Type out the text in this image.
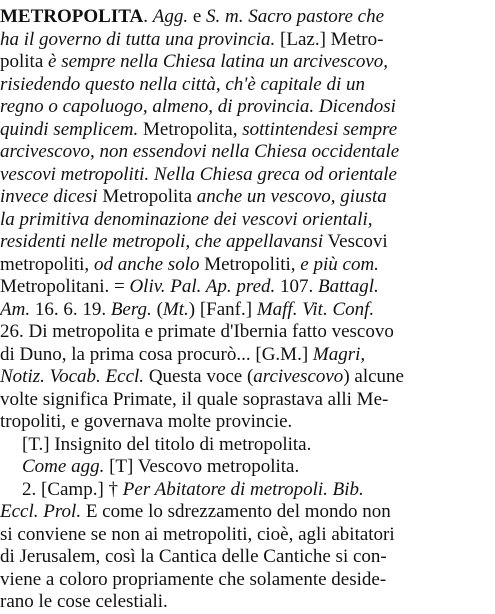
METROPOLITA. Agg. e S. m. Sacro pastore che
ha il governo di tutta una provincia. [Laz.] Metro-
polita è sempre nella Chiesa latina un arcivescovo,
risiedendo questo nella città, ch'è capitale di un
regno o capoluogo, almeno, di provincia. Dicendosi
quindi semplicem. Metropolita, sottintendesi sempre
arcivescovo, non essendovi nella Chiesa occidentale
vescovi metropoliti. Nella Chiesa greca od orientale
invece dicesi Metropolita anche un vescovo, giusta
la primitiva denominazione dei vescovi orientali,
residenti nelle metropoli, che appellavansi Vescovi
metropoliti, od anche solo Metropoliti, e più com.
Metropolitani. = Oliv. Pal. Ap. pred. 107. Battagl.
Am. 16. 6. 19. Berg. (Mt.) [Fanf.] Maff. Vit. Conf.
26. Di metropolita e primate d'Ibernia fatto vescovo
di Duno, la prima cosa procurò... [G.M.] Magri,
Notiz. Vocab. Eccl. Questa voce (arcivescovo) alcune
volte significa Primate, il quale soprastava alli Me-
tropoliti, e governava molte provincie.
[T.] Insignito del titolo di metropolita.
Come agg. [T] Vescovo metropolita.
2. [Camp.] † Per Abitatore di metropoli. Bib.
Eccl. Prol. E come lo sdrezzamento del mondo non
si conviene se non ai metropoliti, cioè, agli abitatori
di Jerusalem, così la Cantica delle Cantiche si con-
viene a coloro propriamente che solamente deside-
rano le cose celestiali.
